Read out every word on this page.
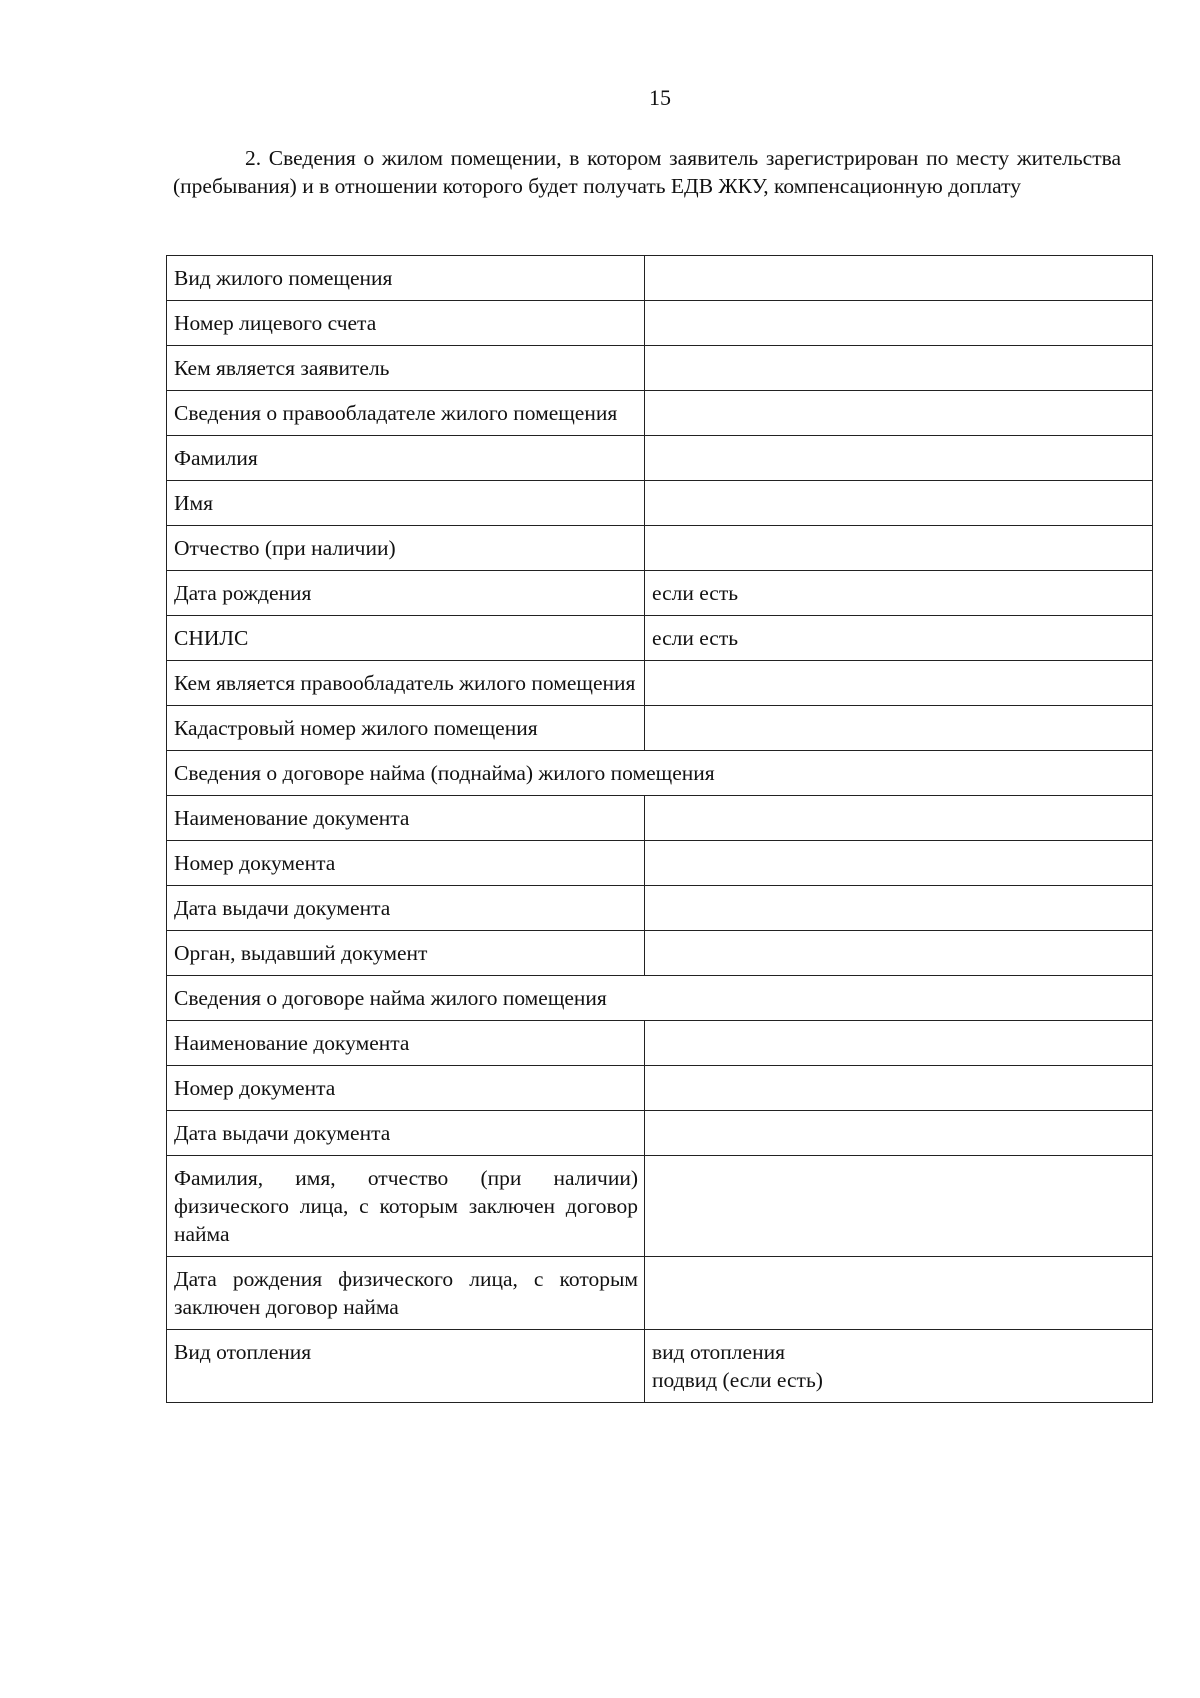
15

2. Сведения о жилом помещении, в котором заявитель зарегистрирован по месту жительства (пребывания) и в отношении которого будет получать ЕДВ ЖКУ, компенсационную доплату

Вид жилого помещения	
Номер лицевого счета	
Кем является заявитель	
Сведения о правообладателе жилого помещения	
Фамилия	
Имя	
Отчество (при наличии)	
Дата рождения	если есть
СНИЛС	если есть
Кем является правообладатель жилого помещения	
Кадастровый номер жилого помещения	
Сведения о договоре найма (поднайма) жилого помещения	
Наименование документа	
Номер документа	
Дата выдачи документа	
Орган, выдавший документ	
Сведения о договоре найма жилого помещения	
Наименование документа	
Номер документа	
Дата выдачи документа	
Фамилия, имя, отчество (при наличии) физического лица, с которым заключен договор найма	
Дата рождения физического лица, с которым заключен договор найма	
Вид отопления	вид отопления
подвид (если есть)
